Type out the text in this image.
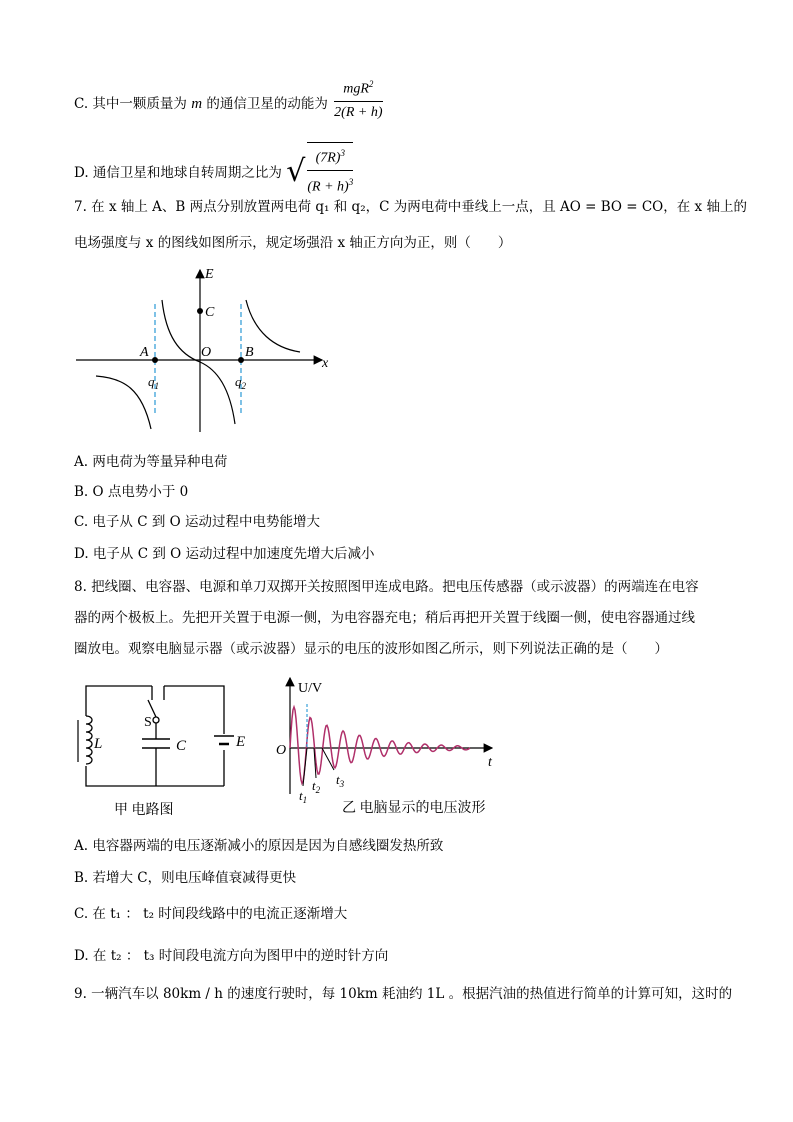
C. 其中一颗质量为 m 的通信卫星的动能为 $\frac{mgR^2}{2(R + h)}$
D. 通信卫星和地球自转周期之比为 √ $\frac{(7R)^3}{(R + h)^3}$
7. 在 x 轴上 A、B 两点分别放置两电荷 q₁ 和 q₂，C 为两电荷中垂线上一点，且 AO = BO = CO，在 x 轴上的
电场强度与 x 的图线如图所示，规定场强沿 x 轴正方向为正，则（　　）
E
C
O
A	B
x
$q_1$	$q_2$
A. 两电荷为等量异种电荷
B. O 点电势小于 0
C. 电子从 C 到 O 运动过程中电势能增大
D. 电子从 C 到 O 运动过程中加速度先增大后减小
8. 把线圈、电容器、电源和单刀双掷开关按照图甲连成电路。把电压传感器（或示波器）的两端连在电容
器的两个极板上。先把开关置于电源一侧，为电容器充电；稍后再把开关置于线圈一侧，使电容器通过线
圈放电。观察电脑显示器（或示波器）显示的电压的波形如图乙所示，则下列说法正确的是（　　）
S
L	C	E
甲 电路图
U/V
O
t
$t_1$
$t_2$
$t_3$
乙 电脑显示的电压波形
A. 电容器两端的电压逐渐减小的原因是因为自感线圈发热所致
B. 若增大 C，则电压峰值衰减得更快
C. 在 t₁ ： t₂ 时间段线路中的电流正逐渐增大
D. 在 t₂ ： t₃ 时间段电流方向为图甲中的逆时针方向
9. 一辆汽车以 80km / h 的速度行驶时，每 10km 耗油约 1L 。根据汽油的热值进行简单的计算可知，这时的
